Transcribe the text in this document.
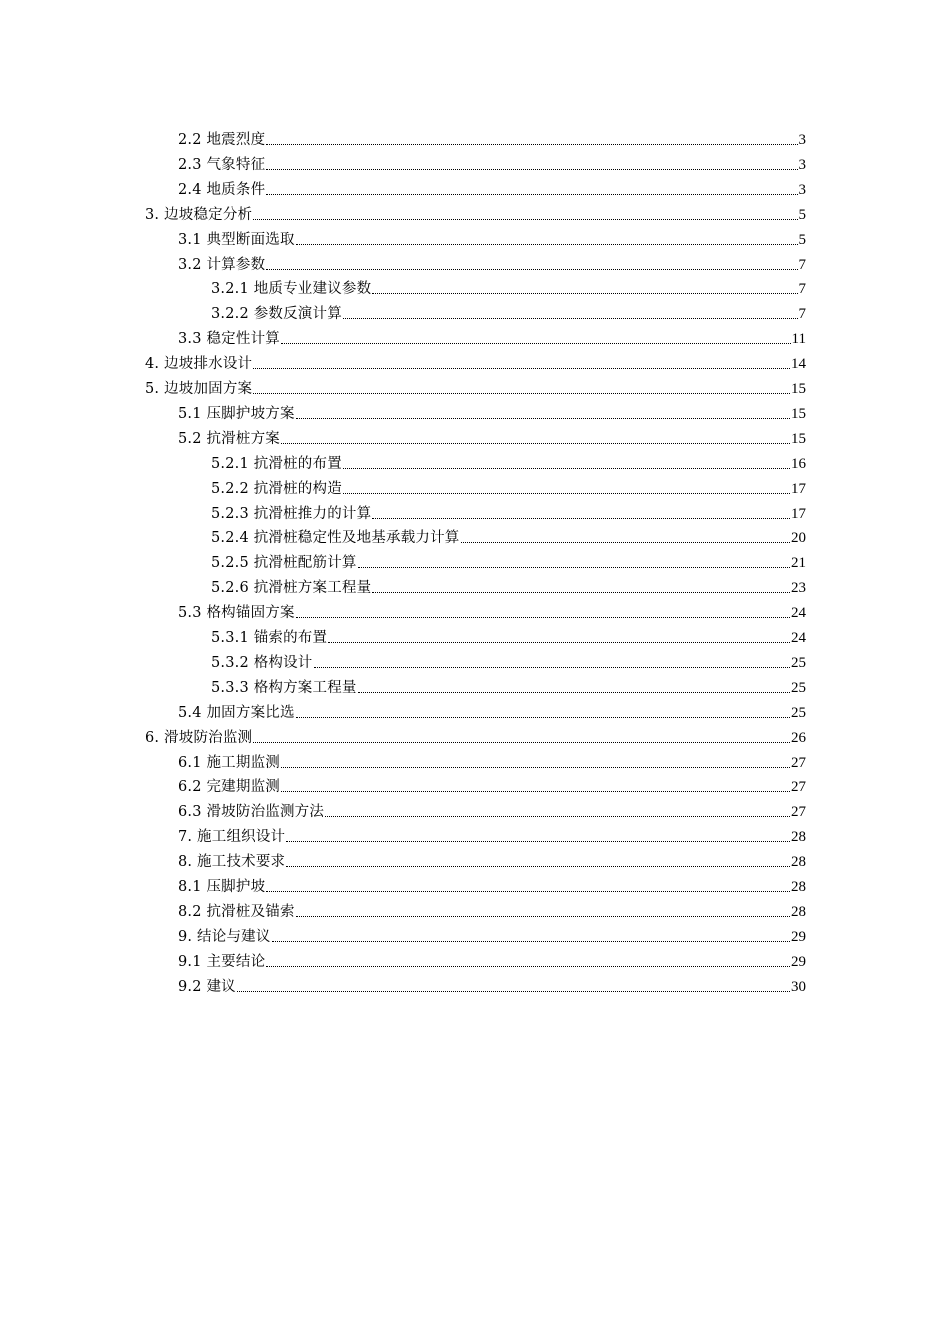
2.2 地震烈度	3
2.3 气象特征	3
2.4 地质条件	3
3. 边坡稳定分析	5
3.1 典型断面选取	5
3.2 计算参数	7
3.2.1 地质专业建议参数	7
3.2.2 参数反演计算	7
3.3 稳定性计算	11
4. 边坡排水设计	14
5. 边坡加固方案	15
5.1 压脚护坡方案	15
5.2 抗滑桩方案	15
5.2.1 抗滑桩的布置	16
5.2.2 抗滑桩的构造	17
5.2.3 抗滑桩推力的计算	17
5.2.4 抗滑桩稳定性及地基承载力计算	20
5.2.5 抗滑桩配筋计算	21
5.2.6 抗滑桩方案工程量	23
5.3 格构锚固方案	24
5.3.1 锚索的布置	24
5.3.2 格构设计	25
5.3.3 格构方案工程量	25
5.4 加固方案比选	25
6. 滑坡防治监测	26
6.1 施工期监测	27
6.2 完建期监测	27
6.3 滑坡防治监测方法	27
7. 施工组织设计	28
8. 施工技术要求	28
8.1 压脚护坡	28
8.2 抗滑桩及锚索	28
9. 结论与建议	29
9.1 主要结论	29
9.2 建议	30
